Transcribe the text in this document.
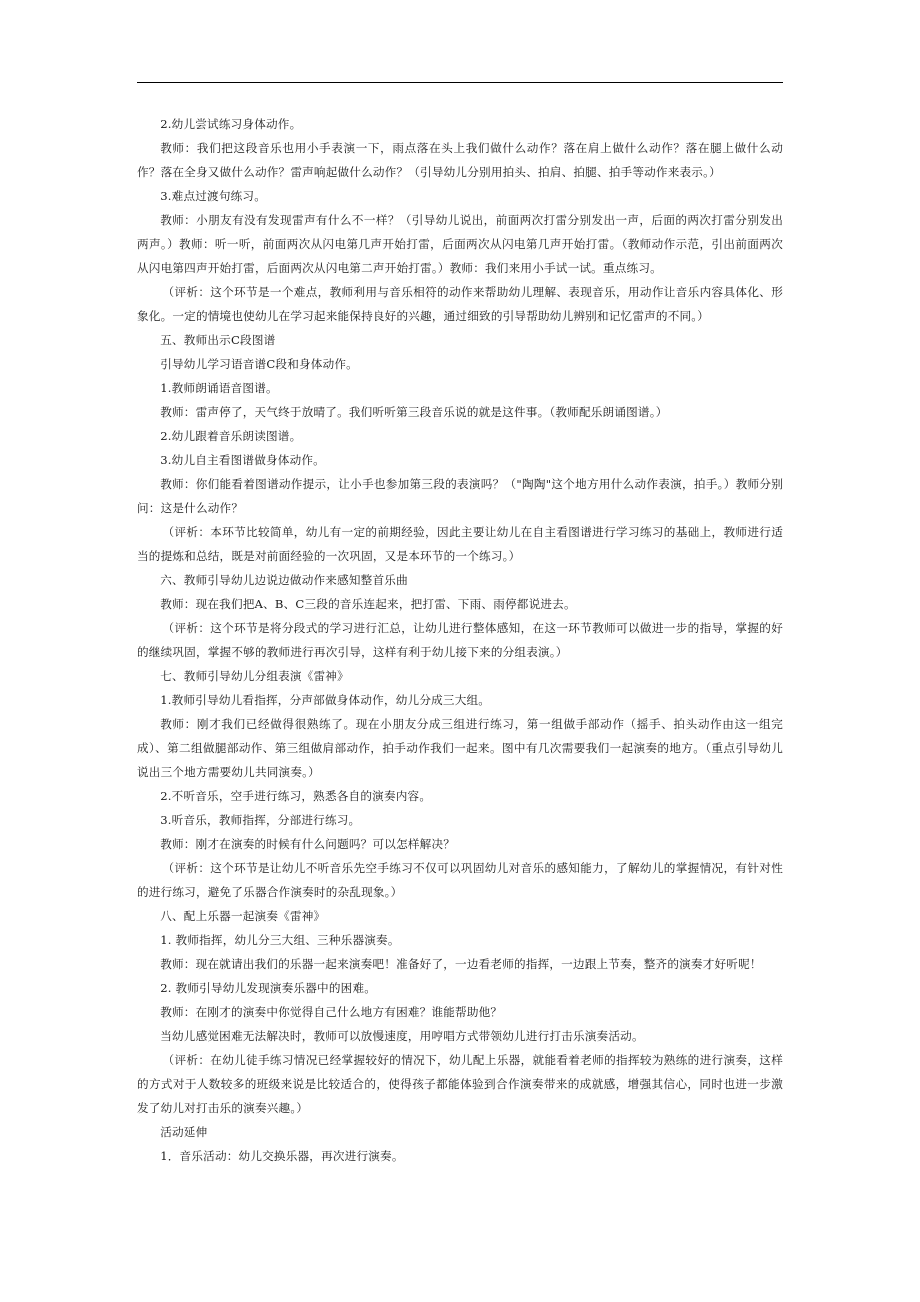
2.幼儿尝试练习身体动作。

教师：我们把这段音乐也用小手表演一下，雨点落在头上我们做什么动作？落在肩上做什么动作？落在腿上做什么动作？落在全身又做什么动作？雷声响起做什么动作？（引导幼儿分别用拍头、拍肩、拍腿、拍手等动作来表示。）

3.难点过渡句练习。

教师：小朋友有没有发现雷声有什么不一样？（引导幼儿说出，前面两次打雷分别发出一声，后面的两次打雷分别发出两声。）教师：听一听，前面两次从闪电第几声开始打雷，后面两次从闪电第几声开始打雷。（教师动作示范，引出前面两次从闪电第四声开始打雷，后面两次从闪电第二声开始打雷。）教师：我们来用小手试一试。重点练习。

（评析：这个环节是一个难点，教师利用与音乐相符的动作来帮助幼儿理解、表现音乐，用动作让音乐内容具体化、形象化。一定的情境也使幼儿在学习起来能保持良好的兴趣，通过细致的引导帮助幼儿辨别和记忆雷声的不同。）

五、教师出示C段图谱

引导幼儿学习语音谱C段和身体动作。

1.教师朗诵语音图谱。

教师：雷声停了，天气终于放晴了。我们听听第三段音乐说的就是这件事。（教师配乐朗诵图谱。）

2.幼儿跟着音乐朗读图谱。

3.幼儿自主看图谱做身体动作。

教师：你们能看着图谱动作提示，让小手也参加第三段的表演吗？（"陶陶"这个地方用什么动作表演，拍手。）教师分别问：这是什么动作？

（评析：本环节比较简单，幼儿有一定的前期经验，因此主要让幼儿在自主看图谱进行学习练习的基础上，教师进行适当的提炼和总结，既是对前面经验的一次巩固，又是本环节的一个练习。）

六、教师引导幼儿边说边做动作来感知整首乐曲

教师：现在我们把A、B、C三段的音乐连起来，把打雷、下雨、雨停都说进去。

（评析：这个环节是将分段式的学习进行汇总，让幼儿进行整体感知，在这一环节教师可以做进一步的指导，掌握的好的继续巩固，掌握不够的教师进行再次引导，这样有利于幼儿接下来的分组表演。）

七、教师引导幼儿分组表演《雷神》

1.教师引导幼儿看指挥，分声部做身体动作，幼儿分成三大组。

教师：刚才我们已经做得很熟练了。现在小朋友分成三组进行练习，第一组做手部动作（摇手、拍头动作由这一组完成）、第二组做腿部动作、第三组做肩部动作，拍手动作我们一起来。图中有几次需要我们一起演奏的地方。（重点引导幼儿说出三个地方需要幼儿共同演奏。）

2.不听音乐，空手进行练习，熟悉各自的演奏内容。

3.听音乐，教师指挥，分部进行练习。

教师：刚才在演奏的时候有什么问题吗？可以怎样解决？

（评析：这个环节是让幼儿不听音乐先空手练习不仅可以巩固幼儿对音乐的感知能力，了解幼儿的掌握情况，有针对性的进行练习，避免了乐器合作演奏时的杂乱现象。）

八、配上乐器一起演奏《雷神》

1. 教师指挥，幼儿分三大组、三种乐器演奏。

教师：现在就请出我们的乐器一起来演奏吧！准备好了，一边看老师的指挥，一边跟上节奏，整齐的演奏才好听呢！

2. 教师引导幼儿发现演奏乐器中的困难。

教师：在刚才的演奏中你觉得自己什么地方有困难？谁能帮助他？

当幼儿感觉困难无法解决时，教师可以放慢速度，用哼唱方式带领幼儿进行打击乐演奏活动。

（评析：在幼儿徒手练习情况已经掌握较好的情况下，幼儿配上乐器，就能看着老师的指挥较为熟练的进行演奏，这样的方式对于人数较多的班级来说是比较适合的，使得孩子都能体验到合作演奏带来的成就感，增强其信心，同时也进一步激发了幼儿对打击乐的演奏兴趣。）

活动延伸

1．音乐活动：幼儿交换乐器，再次进行演奏。
